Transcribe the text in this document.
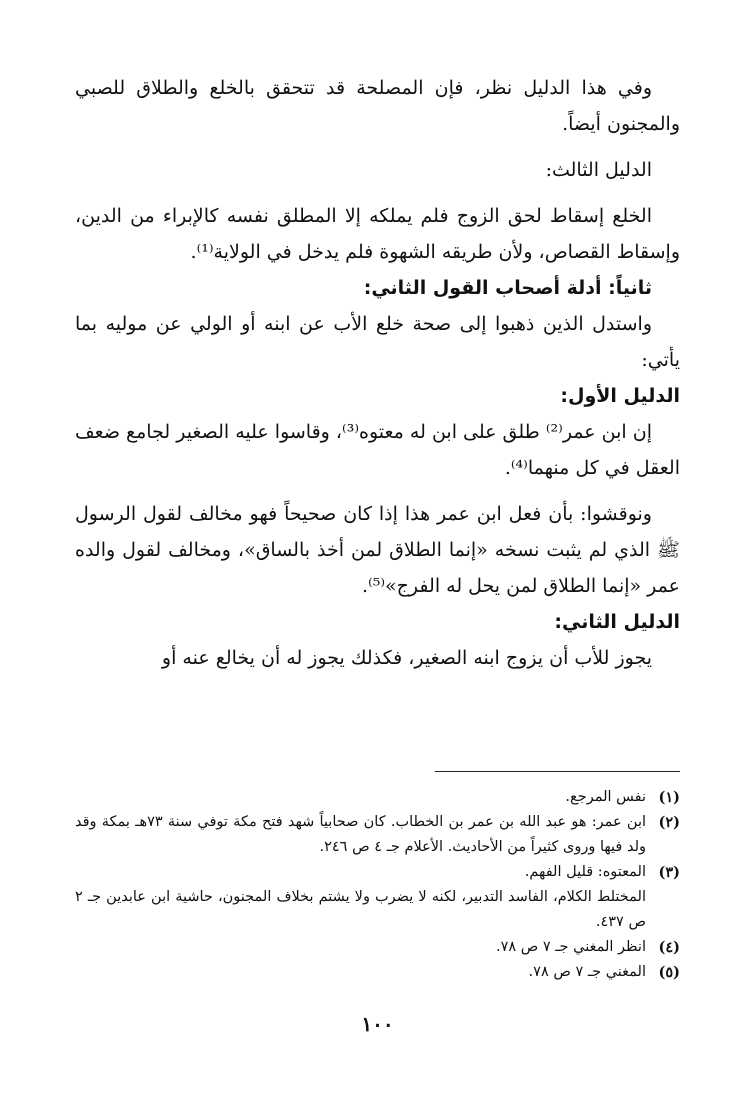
وفي هذا الدليل نظر، فإن المصلحة قد تتحقق بالخلع والطلاق للصبي والمجنون أيضاً.

الدليل الثالث:

الخلع إسقاط لحق الزوج فلم يملكه إلا المطلق نفسه كالإبراء من الدين، وإسقاط القصاص، ولأن طريقه الشهوة فلم يدخل في الولاية⁽¹⁾.

ثانياً: أدلة أصحاب القول الثاني:

واستدل الذين ذهبوا إلى صحة خلع الأب عن ابنه أو الولي عن موليه بما يأتي:

الدليل الأول:

إن ابن عمر⁽²⁾ طلق على ابن له معتوه⁽³⁾، وقاسوا عليه الصغير لجامع ضعف العقل في كل منهما⁽⁴⁾.

ونوقشوا: بأن فعل ابن عمر هذا إذا كان صحيحاً فهو مخالف لقول الرسول ﷺ الذي لم يثبت نسخه «إنما الطلاق لمن أخذ بالساق»، ومخالف لقول والده عمر «إنما الطلاق لمن يحل له الفرج»⁽⁵⁾.

الدليل الثاني:

يجوز للأب أن يزوج ابنه الصغير، فكذلك يجوز له أن يخالع عنه أو

(١)
نفس المرجع.
(٢)
ابن عمر: هو عبد الله بن عمر بن الخطاب. كان صحابياً شهد فتح مكة توفي سنة ٧٣هـ بمكة وقد ولد فيها وروى كثيراً من الأحاديث. الأعلام جـ ٤ ص ٢٤٦.
(٣)
المعتوه: قليل الفهم.

المختلط الكلام، الفاسد التدبير، لكنه لا يضرب ولا يشتم بخلاف المجنون، حاشية ابن عابدين جـ ٢ ص ٤٣٧.

(٤)
انظر المغني جـ ٧ ص ٧٨.
(٥)
المغني جـ ٧ ص ٧٨.
١٠٠
